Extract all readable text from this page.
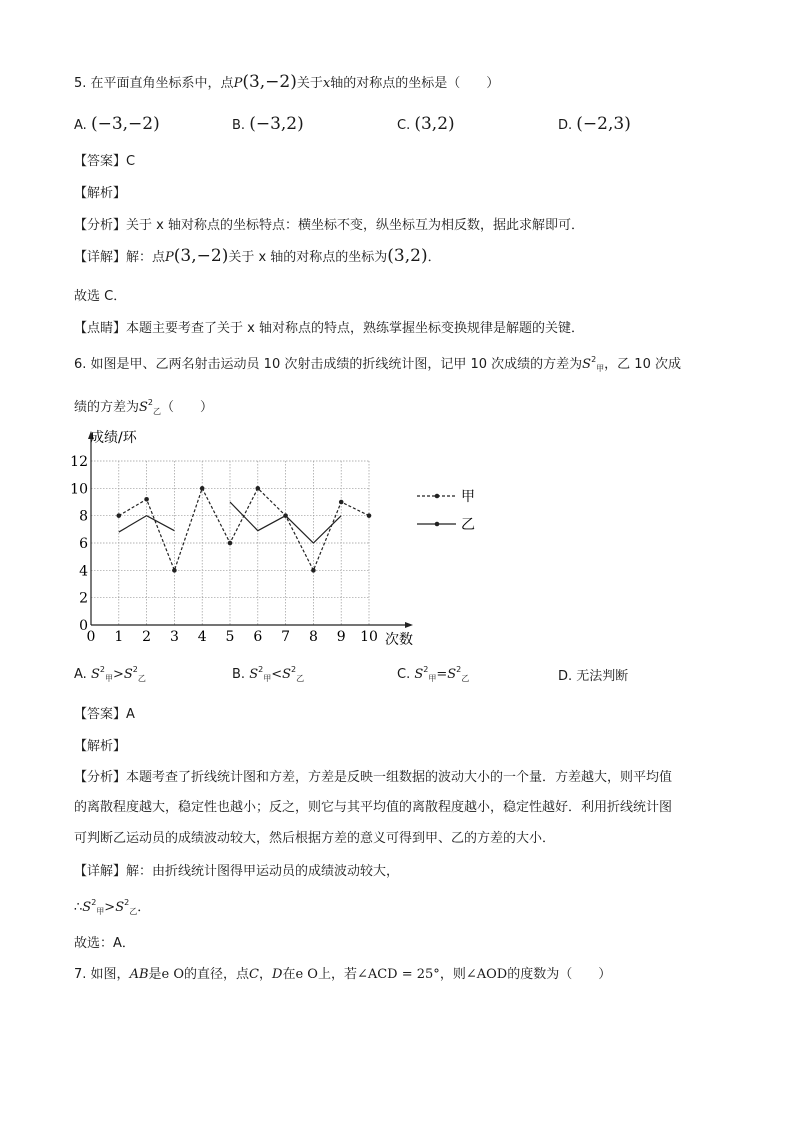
5. 在平面直角坐标系中，点P(3,−2)关于x轴的对称点的坐标是（　　）
A. (−3,−2)	B. (−3,2)	C. (3,2)	D. (−2,3)
【答案】C
【解析】
【分析】关于 x 轴对称点的坐标特点：横坐标不变，纵坐标互为相反数，据此求解即可．
【详解】解：点P(3,−2)关于 x 轴的对称点的坐标为(3,2)．
故选 C．
【点睛】本题主要考查了关于 x 轴对称点的特点，熟练掌握坐标变换规律是解题的关键．
6. 如图是甲、乙两名射击运动员 10 次射击成绩的折线统计图，记甲 10 次成绩的方差为$S^2_甲$，乙 10 次成
绩的方差为$S^2_乙$（　　）
0
2
4
6
8
10
12
0 1 2 3 4 5 6 7 8 9 10
甲
乙
成绩/环
次数
A. $S^2_甲>S^2_乙$	B. $S^2_甲<S^2_乙$	C. $S^2_甲=S^2_乙$	D. 无法判断
【答案】A
【解析】
【分析】本题考查了折线统计图和方差，方差是反映一组数据的波动大小的一个量．方差越大，则平均值
的离散程度越大，稳定性也越小；反之，则它与其平均值的离散程度越小，稳定性越好．利用折线统计图
可判断乙运动员的成绩波动较大，然后根据方差的意义可得到甲、乙的方差的大小．
【详解】解：由折线统计图得甲运动员的成绩波动较大，
$\therefore S^2_甲>S^2_乙$．
故选：A．
7. 如图，AB是e O的直径，点C，D在e O上，若∠ACD = 25°，则∠AOD的度数为（　　）
